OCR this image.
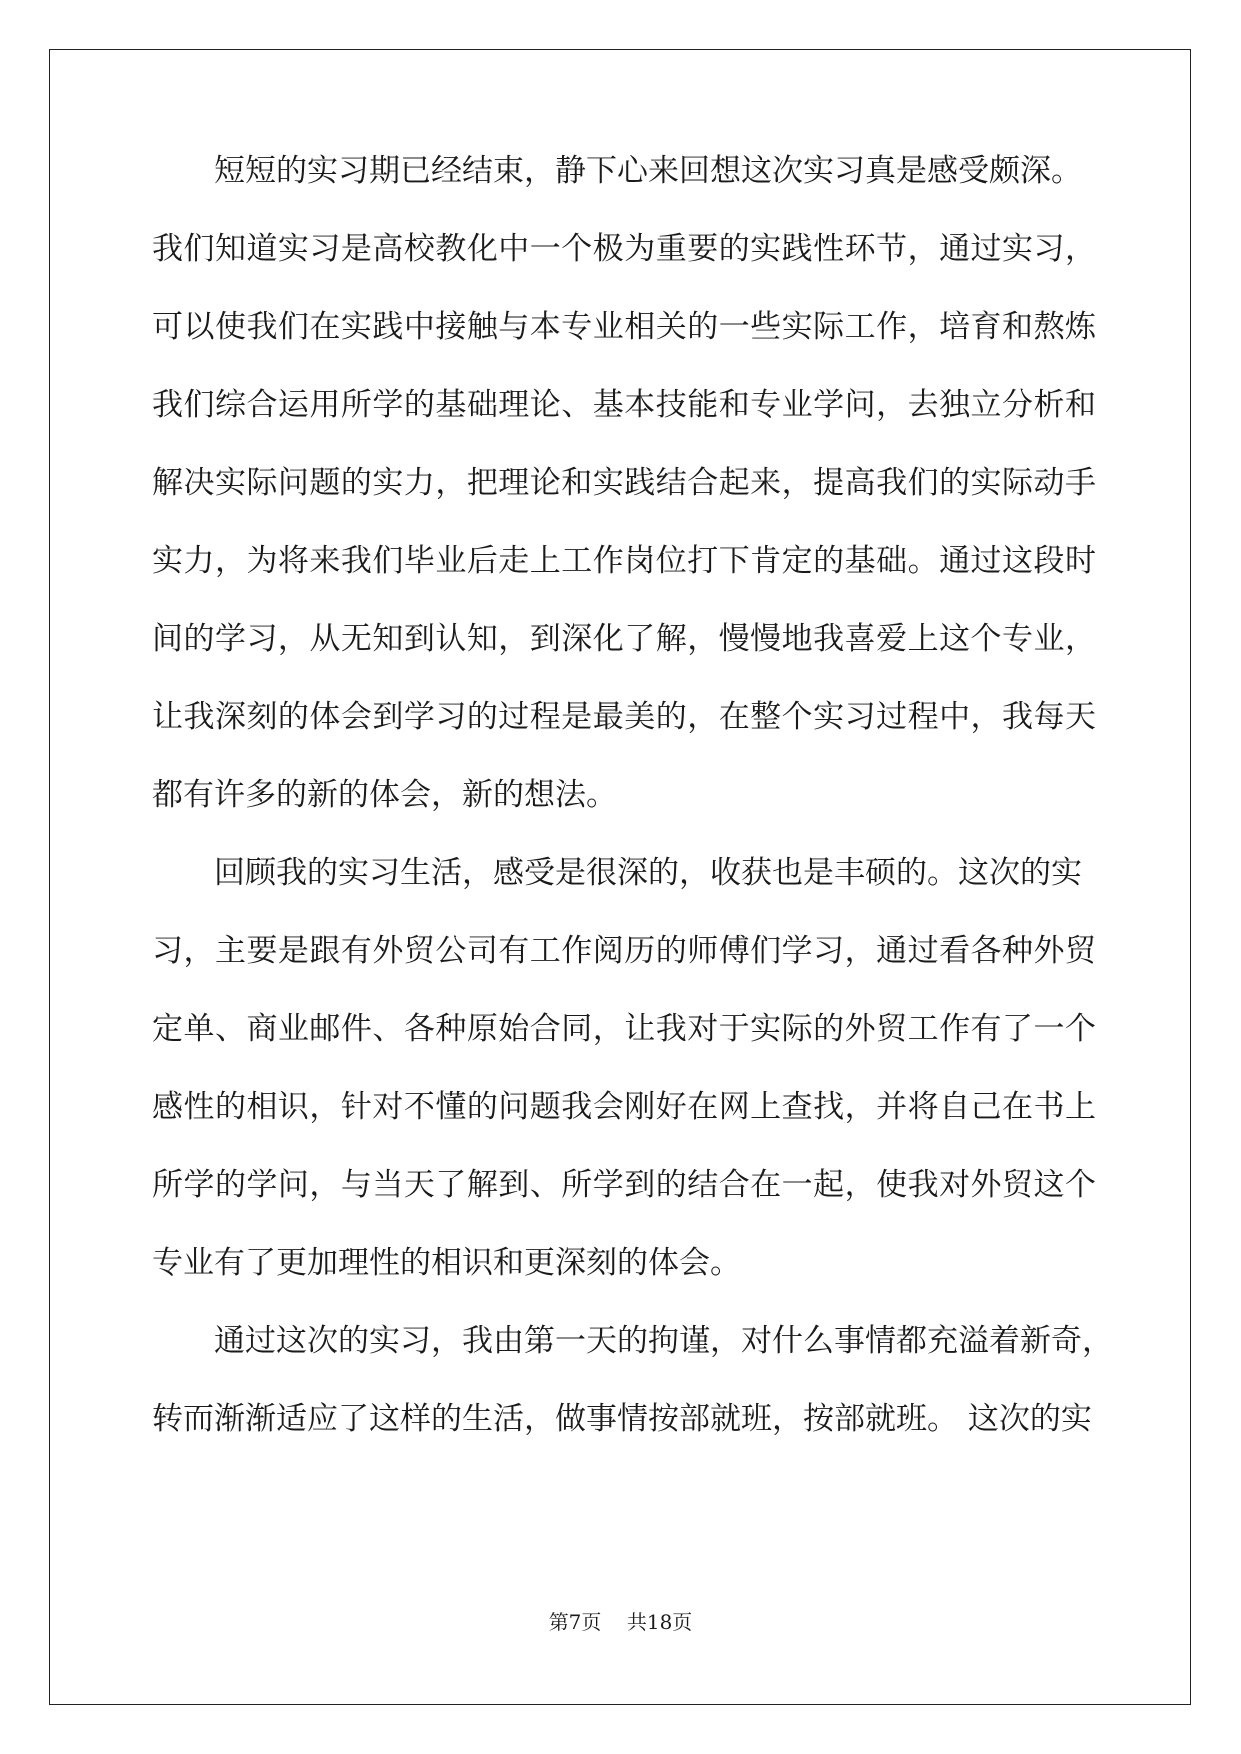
短短的实习期已经结束，静下心来回想这次实习真是感受颇深。
我们知道实习是高校教化中一个极为重要的实践性环节，通过实习，
可以使我们在实践中接触与本专业相关的一些实际工作，培育和熬炼
我们综合运用所学的基础理论、基本技能和专业学问，去独立分析和
解决实际问题的实力，把理论和实践结合起来，提高我们的实际动手
实力，为将来我们毕业后走上工作岗位打下肯定的基础。通过这段时
间的学习，从无知到认知，到深化了解，慢慢地我喜爱上这个专业，
让我深刻的体会到学习的过程是最美的，在整个实习过程中，我每天
都有许多的新的体会，新的想法。
回顾我的实习生活，感受是很深的，收获也是丰硕的。这次的实
习，主要是跟有外贸公司有工作阅历的师傅们学习，通过看各种外贸
定单、商业邮件、各种原始合同，让我对于实际的外贸工作有了一个
感性的相识，针对不懂的问题我会刚好在网上查找，并将自己在书上
所学的学问，与当天了解到、所学到的结合在一起，使我对外贸这个
专业有了更加理性的相识和更深刻的体会。
通过这次的实习，我由第一天的拘谨，对什么事情都充溢着新奇，
转而渐渐适应了这样的生活，做事情按部就班，按部就班。 这次的实
第7页 共18页
